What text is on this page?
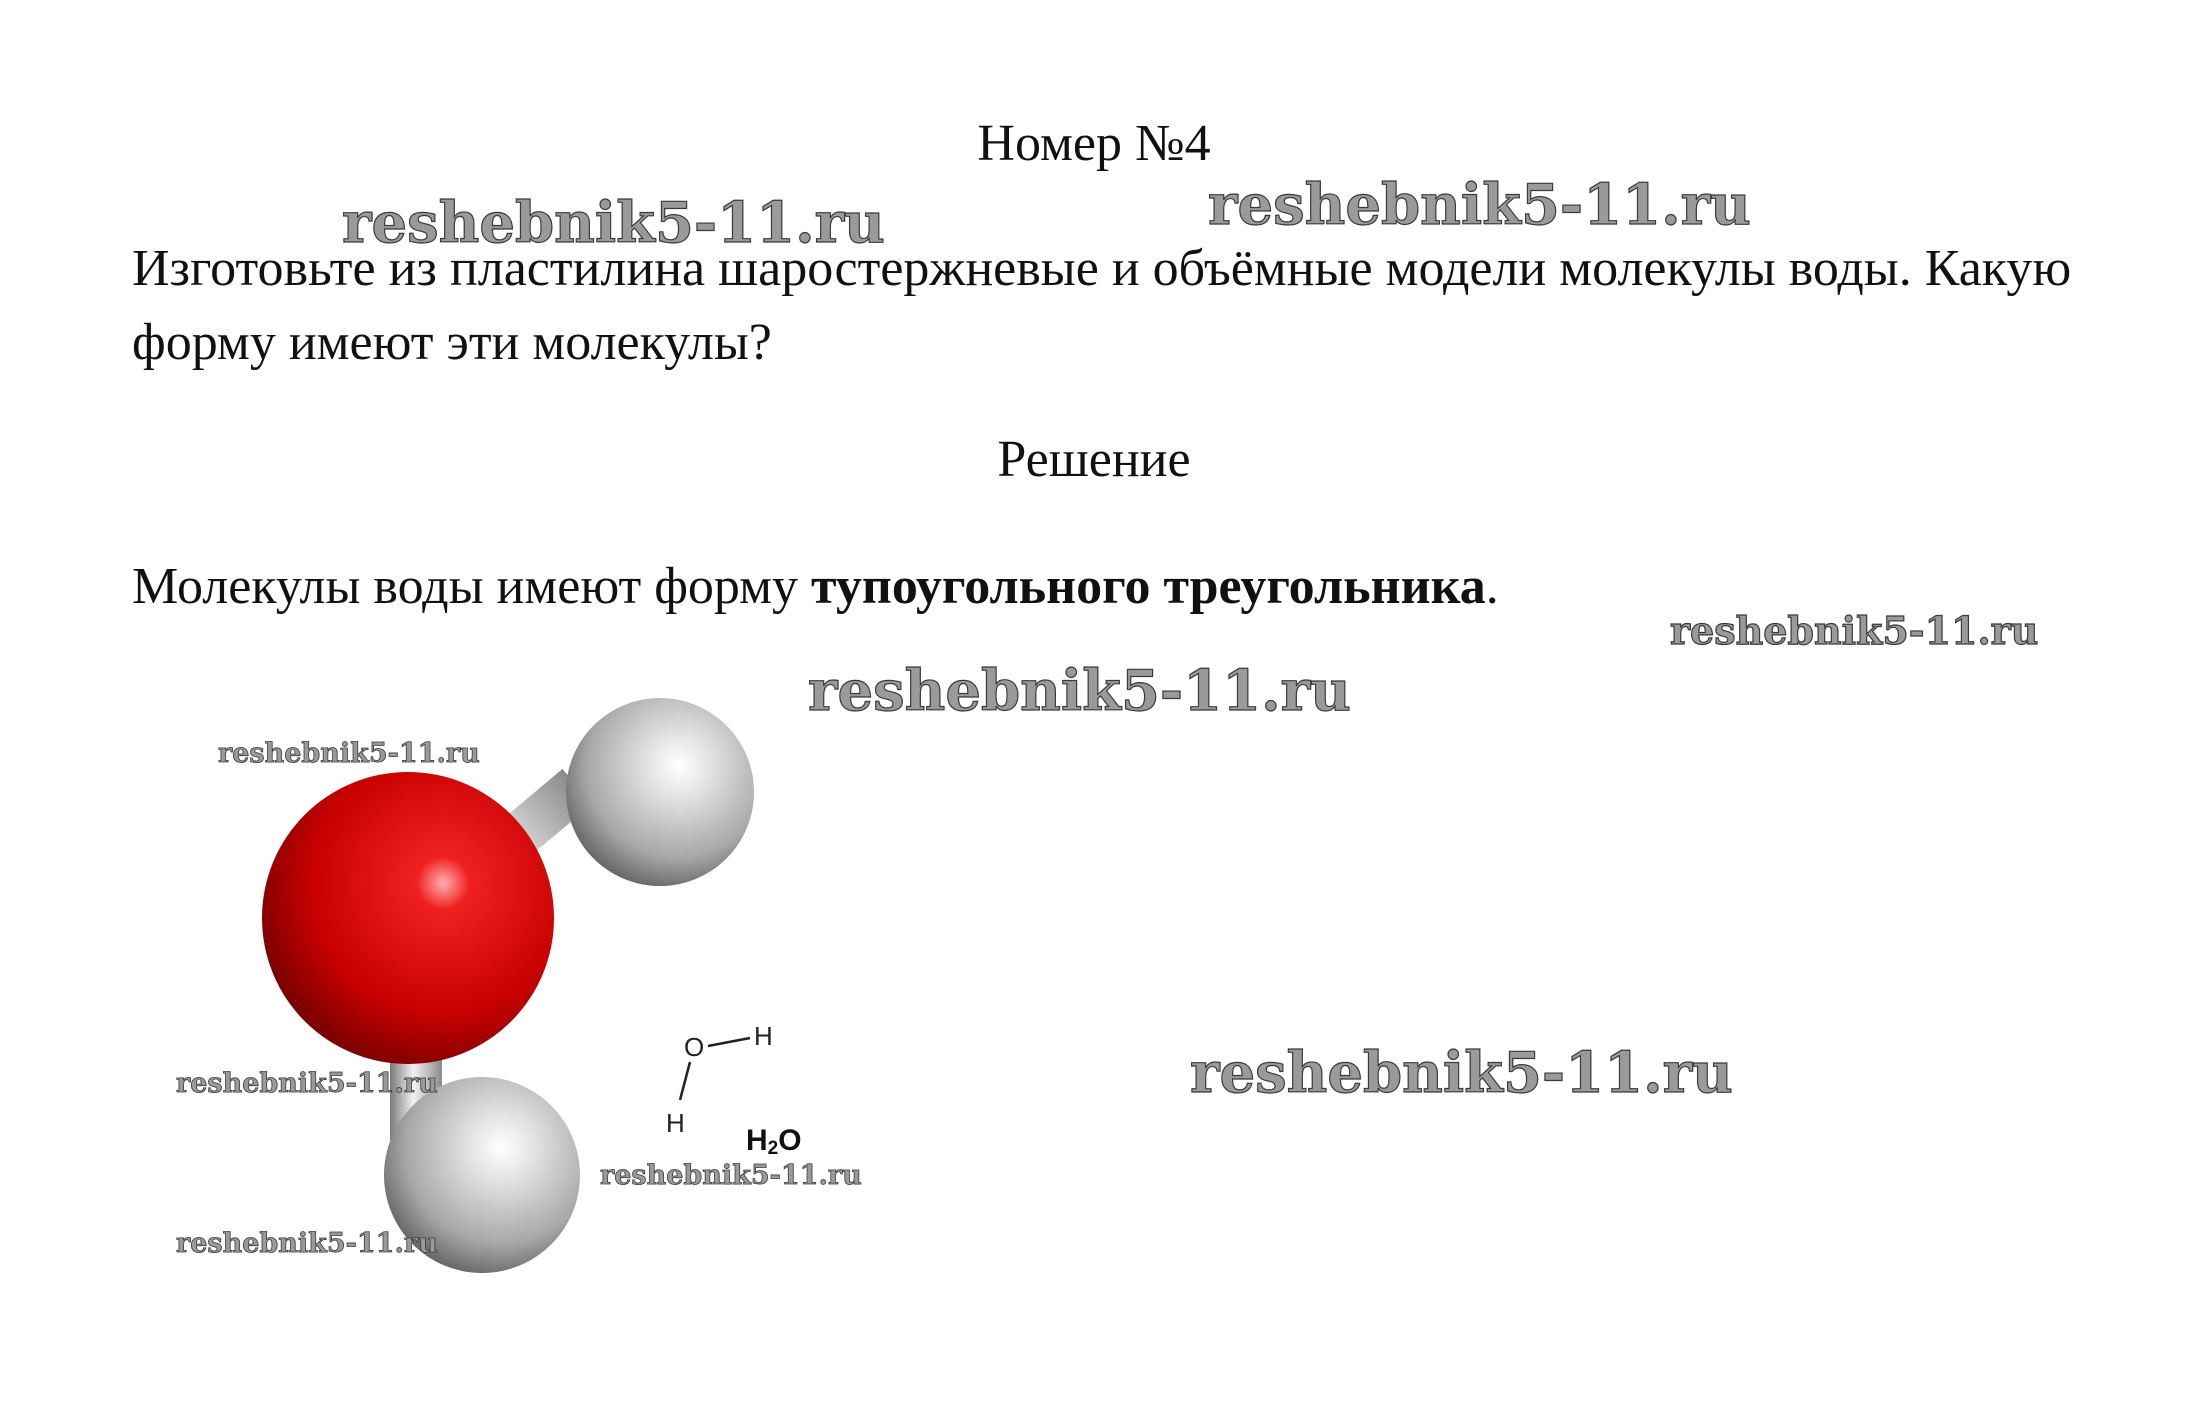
Номер №4

Изготовьте из пластилина шаростержневые и объёмные модели молекулы воды. Какую форму имеют эти молекулы?

Решение
Молекулы воды имеют форму тупоугольного треугольника.
O H
H
H2O
reshebnik5-11.ru	reshebnik5-11.ru
reshebnik5-11.ru
reshebnik5-11.ru
reshebnik5-11.ru
reshebnik5-11.ru
reshebnik5-11.ru
reshebnik5-11.ru
reshebnik5-11.ru
